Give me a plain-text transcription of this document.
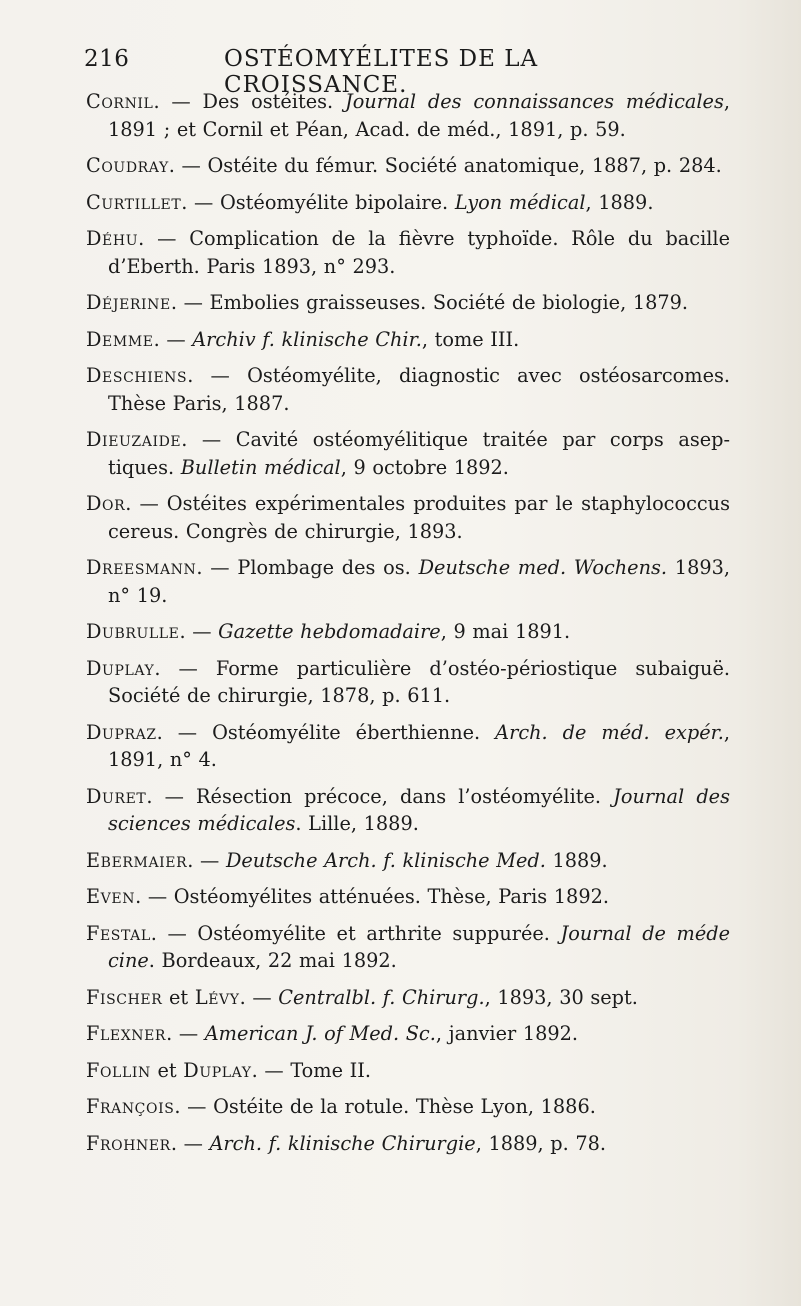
216	OSTÉOMYÉLITES DE LA CROISSANCE.

Cornil. — Des ostéites. Journal des connaissances médicales, 1891 ; et Cornil et Péan, Acad. de méd., 1891, p. 59.

Coudray. — Ostéite du fémur. Société anatomique, 1887, p. 284.

Curtillet. — Ostéomyélite bipolaire. Lyon médical, 1889.

Déhu. — Complication de la fièvre typhoïde. Rôle du bacille d’Eberth. Paris 1893, n° 293.

Déjerine. — Embolies graisseuses. Société de biologie, 1879.

Demme. — Archiv f. klinische Chir., tome III.

Deschiens. — Ostéomyélite, diagnostic avec ostéosarcomes. Thèse Paris, 1887.

Dieuzaide. — Cavité ostéomyélitique traitée par corps aseptiques. Bulletin médical, 9 octobre 1892.

Dor. — Ostéites expérimentales produites par le staphylococcus cereus. Congrès de chirurgie, 1893.

Dreesmann. — Plombage des os. Deutsche med. Wochens. 1893, n° 19.

Dubrulle. — Gazette hebdomadaire, 9 mai 1891.

Duplay. — Forme particulière d’ostéo-périostique subaiguë. Société de chirurgie, 1878, p. 611.

Dupraz. — Ostéomyélite éberthienne. Arch. de méd. expér., 1891, n° 4.

Duret. — Résection précoce, dans l’ostéomyélite. Journal des sciences médicales. Lille, 1889.

Ebermaier. — Deutsche Arch. f. klinische Med. 1889.

Even. — Ostéomyélites atténuées. Thèse, Paris 1892.

Festal. — Ostéomyélite et arthrite suppurée. Journal de méde cine. Bordeaux, 22 mai 1892.

Fischer et Lévy. — Centralbl. f. Chirurg., 1893, 30 sept.

Flexner. — American J. of Med. Sc., janvier 1892.

Follin et Duplay. — Tome II.

François. — Ostéite de la rotule. Thèse Lyon, 1886.

Frohner. — Arch. f. klinische Chirurgie, 1889, p. 78.
